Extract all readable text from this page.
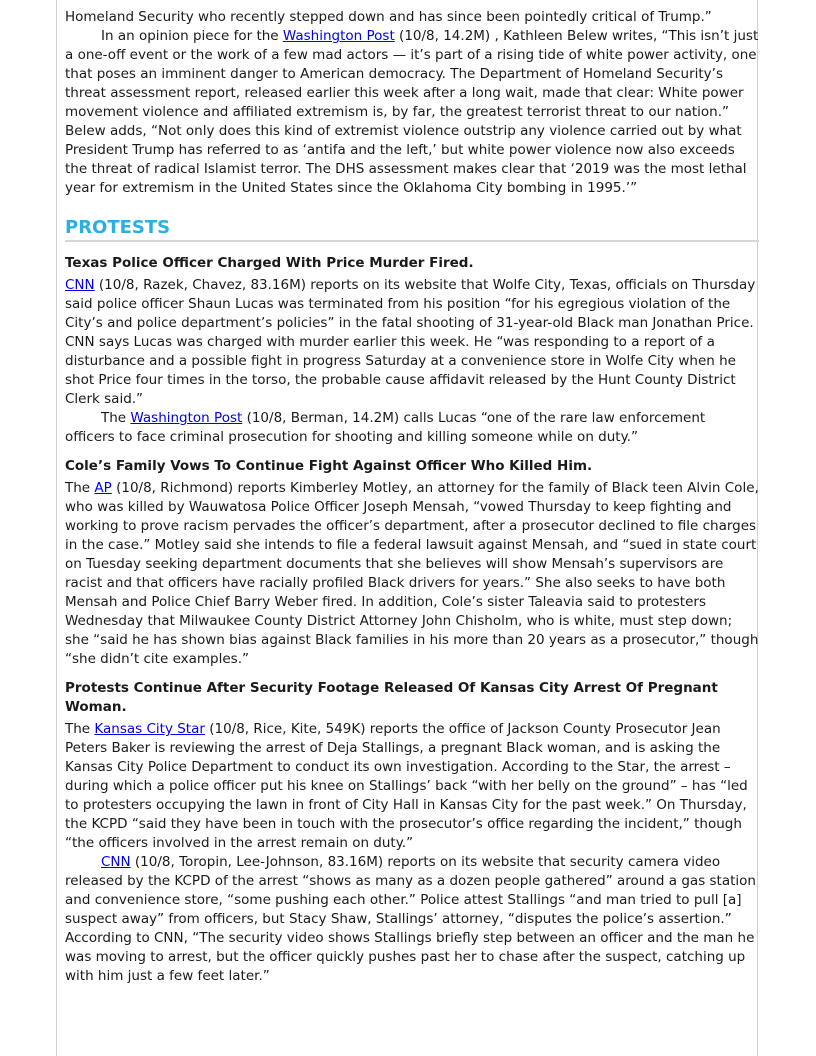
Homeland Security who recently stepped down and has since been pointedly critical of Trump.”

In an opinion piece for the Washington Post (10/8, 14.2M) , Kathleen Belew writes, “This isn’t just a one-off event or the work of a few mad actors — it’s part of a rising tide of white power activity, one that poses an imminent danger to American democracy. The Department of Homeland Security’s threat assessment report, released earlier this week after a long wait, made that clear: White power movement violence and affiliated extremism is, by far, the greatest terrorist threat to our nation.” Belew adds, “Not only does this kind of extremist violence outstrip any violence carried out by what President Trump has referred to as ‘antifa and the left,’ but white power violence now also exceeds the threat of radical Islamist terror. The DHS assessment makes clear that ‘2019 was the most lethal year for extremism in the United States since the Oklahoma City bombing in 1995.’”

PROTESTS
Texas Police Officer Charged With Price Murder Fired.

CNN (10/8, Razek, Chavez, 83.16M) reports on its website that Wolfe City, Texas, officials on Thursday said police officer Shaun Lucas was terminated from his position “for his egregious violation of the City’s and police department’s policies” in the fatal shooting of 31-year-old Black man Jonathan Price. CNN says Lucas was charged with murder earlier this week. He “was responding to a report of a disturbance and a possible fight in progress Saturday at a convenience store in Wolfe City when he shot Price four times in the torso, the probable cause affidavit released by the Hunt County District Clerk said.”

The Washington Post (10/8, Berman, 14.2M) calls Lucas “one of the rare law enforcement officers to face criminal prosecution for shooting and killing someone while on duty.”

Cole’s Family Vows To Continue Fight Against Officer Who Killed Him.

The AP (10/8, Richmond) reports Kimberley Motley, an attorney for the family of Black teen Alvin Cole, who was killed by Wauwatosa Police Officer Joseph Mensah, “vowed Thursday to keep fighting and working to prove racism pervades the officer’s department, after a prosecutor declined to file charges in the case.” Motley said she intends to file a federal lawsuit against Mensah, and “sued in state court on Tuesday seeking department documents that she believes will show Mensah’s supervisors are racist and that officers have racially profiled Black drivers for years.” She also seeks to have both Mensah and Police Chief Barry Weber fired. In addition, Cole’s sister Taleavia said to protesters Wednesday that Milwaukee County District Attorney John Chisholm, who is white, must step down; she “said he has shown bias against Black families in his more than 20 years as a prosecutor,” though “she didn’t cite examples.”

Protests Continue After Security Footage Released Of Kansas City Arrest Of Pregnant Woman.

The Kansas City Star (10/8, Rice, Kite, 549K) reports the office of Jackson County Prosecutor Jean Peters Baker is reviewing the arrest of Deja Stallings, a pregnant Black woman, and is asking the Kansas City Police Department to conduct its own investigation. According to the Star, the arrest – during which a police officer put his knee on Stallings’ back “with her belly on the ground” – has “led to protesters occupying the lawn in front of City Hall in Kansas City for the past week.” On Thursday, the KCPD “said they have been in touch with the prosecutor’s office regarding the incident,” though “the officers involved in the arrest remain on duty.”

CNN (10/8, Toropin, Lee-Johnson, 83.16M) reports on its website that security camera video released by the KCPD of the arrest “shows as many as a dozen people gathered” around a gas station and convenience store, “some pushing each other.” Police attest Stallings “and man tried to pull [a] suspect away” from officers, but Stacy Shaw, Stallings’ attorney, “disputes the police’s assertion.” According to CNN, “The security video shows Stallings briefly step between an officer and the man he was moving to arrest, but the officer quickly pushes past her to chase after the suspect, catching up with him just a few feet later.”
